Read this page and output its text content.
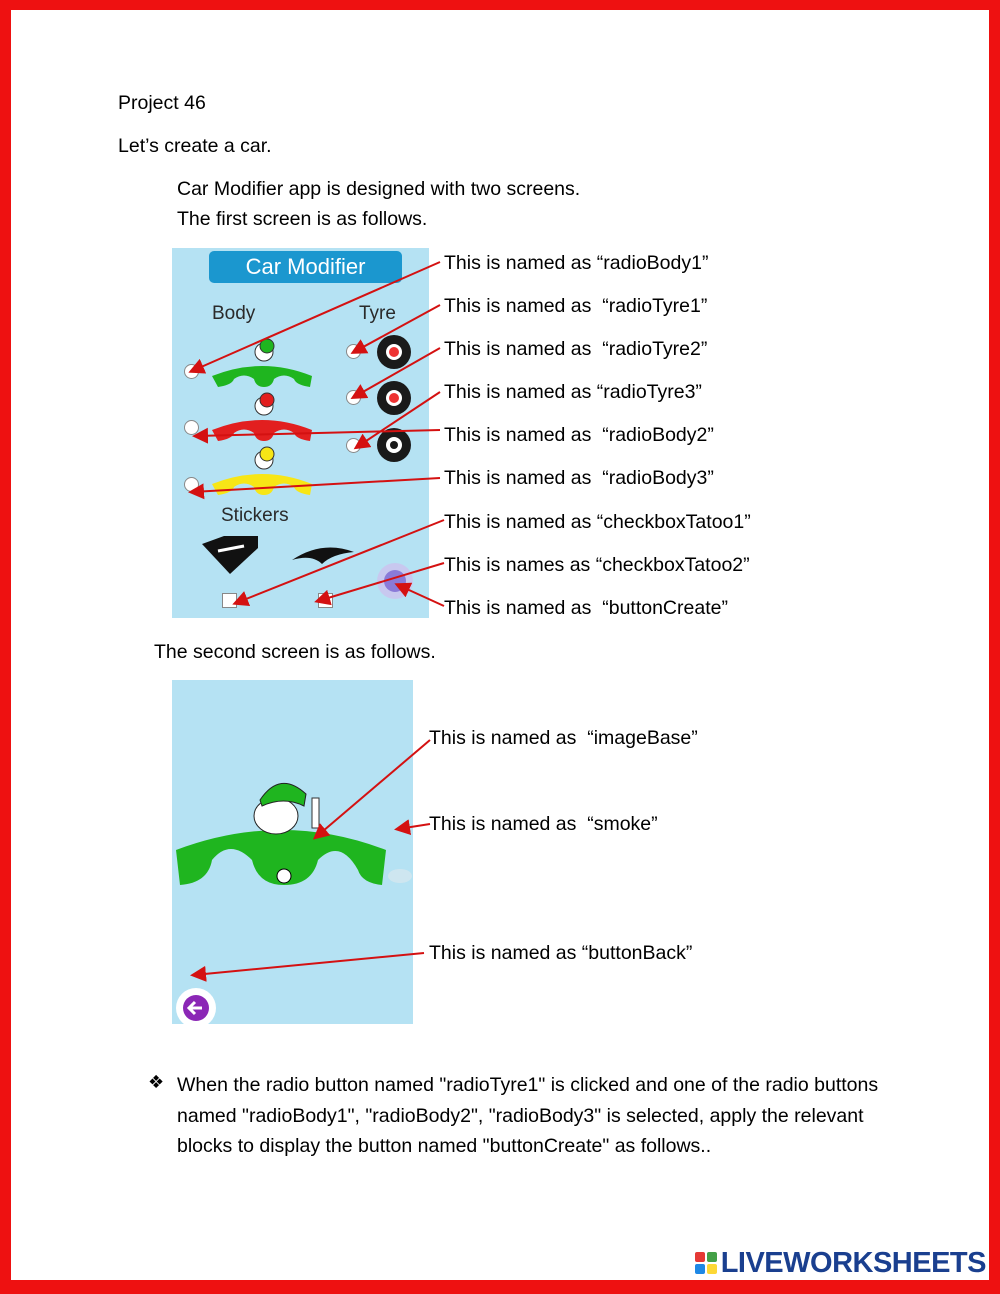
Project 46
Let’s create a car.
Car Modifier app is designed with two screens.
The first screen is as follows.
Car Modifier
Body	Tyre
Stickers
This is named as “radioBody1”
This is named as  “radioTyre1”
This is named as  “radioTyre2”
This is named as “radioTyre3”
This is named as  “radioBody2”
This is named as  “radioBody3”
This is named as “checkboxTatoo1”
This is names as “checkboxTatoo2”
This is named as  “buttonCreate”
The second screen is as follows.
This is named as  “imageBase”
This is named as  “smoke”
This is named as “buttonBack”
❖ When the radio button named "radioTyre1" is clicked and one of the radio buttons named "radioBody1", "radioBody2", "radioBody3" is selected, apply the relevant blocks to display the button named "buttonCreate" as follows..
LIVEWORKSHEETS
